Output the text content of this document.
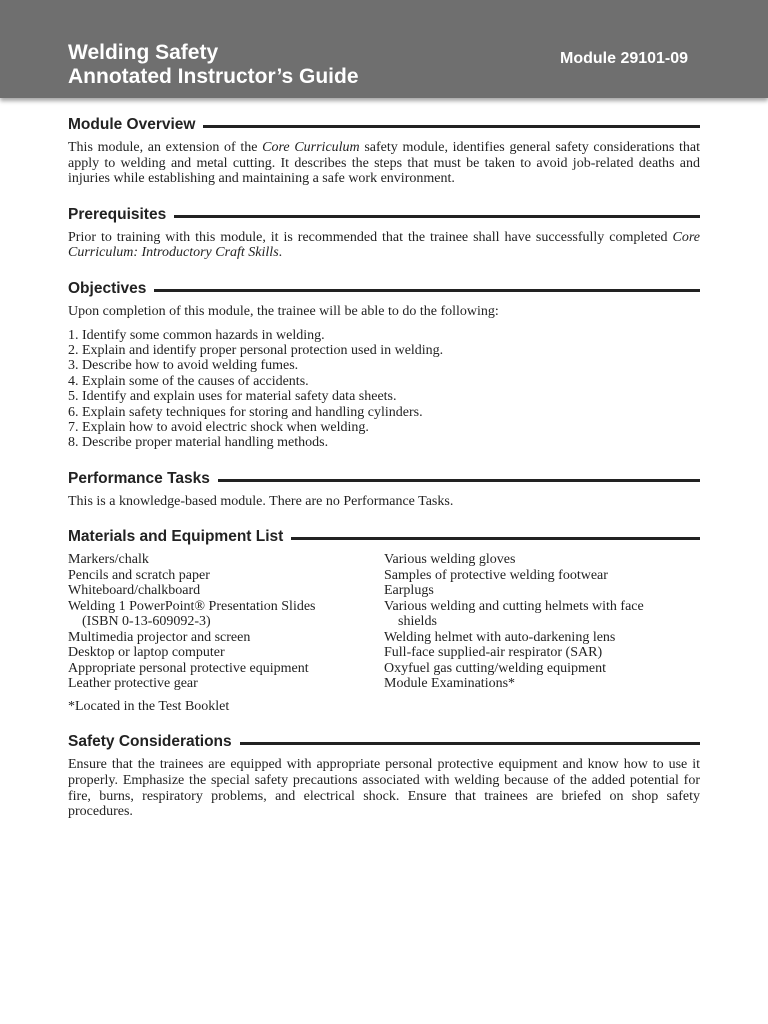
Welding Safety
Annotated Instructor’s Guide
Module 29101-09
Module Overview

This module, an extension of the Core Curriculum safety module, identifies general safety considerations that apply to welding and metal cutting. It describes the steps that must be taken to avoid job-related deaths and injuries while establishing and maintaining a safe work environment.

Prerequisites

Prior to training with this module, it is recommended that the trainee shall have successfully completed Core Curriculum: Introductory Craft Skills.

Objectives

Upon completion of this module, the trainee will be able to do the following:

1. Identify some common hazards in welding.
2. Explain and identify proper personal protection used in welding.
3. Describe how to avoid welding fumes.
4. Explain some of the causes of accidents.
5. Identify and explain uses for material safety data sheets.
6. Explain safety techniques for storing and handling cylinders.
7. Explain how to avoid electric shock when welding.
8. Describe proper material handling methods.
Performance Tasks

This is a knowledge-based module. There are no Performance Tasks.

Materials and Equipment List
Markers/chalk
Pencils and scratch paper
Whiteboard/chalkboard
Welding 1 PowerPoint® Presentation Slides
(ISBN 0-13-609092-3)
Multimedia projector and screen
Desktop or laptop computer
Appropriate personal protective equipment
Leather protective gear
Various welding gloves
Samples of protective welding footwear
Earplugs
Various welding and cutting helmets with face
shields
Welding helmet with auto-darkening lens
Full-face supplied-air respirator (SAR)
Oxyfuel gas cutting/welding equipment
Module Examinations*
*Located in the Test Booklet
Safety Considerations

Ensure that the trainees are equipped with appropriate personal protective equipment and know how to use it properly. Emphasize the special safety precautions associated with welding because of the added potential for fire, burns, respiratory problems, and electrical shock. Ensure that trainees are briefed on shop safety procedures.
